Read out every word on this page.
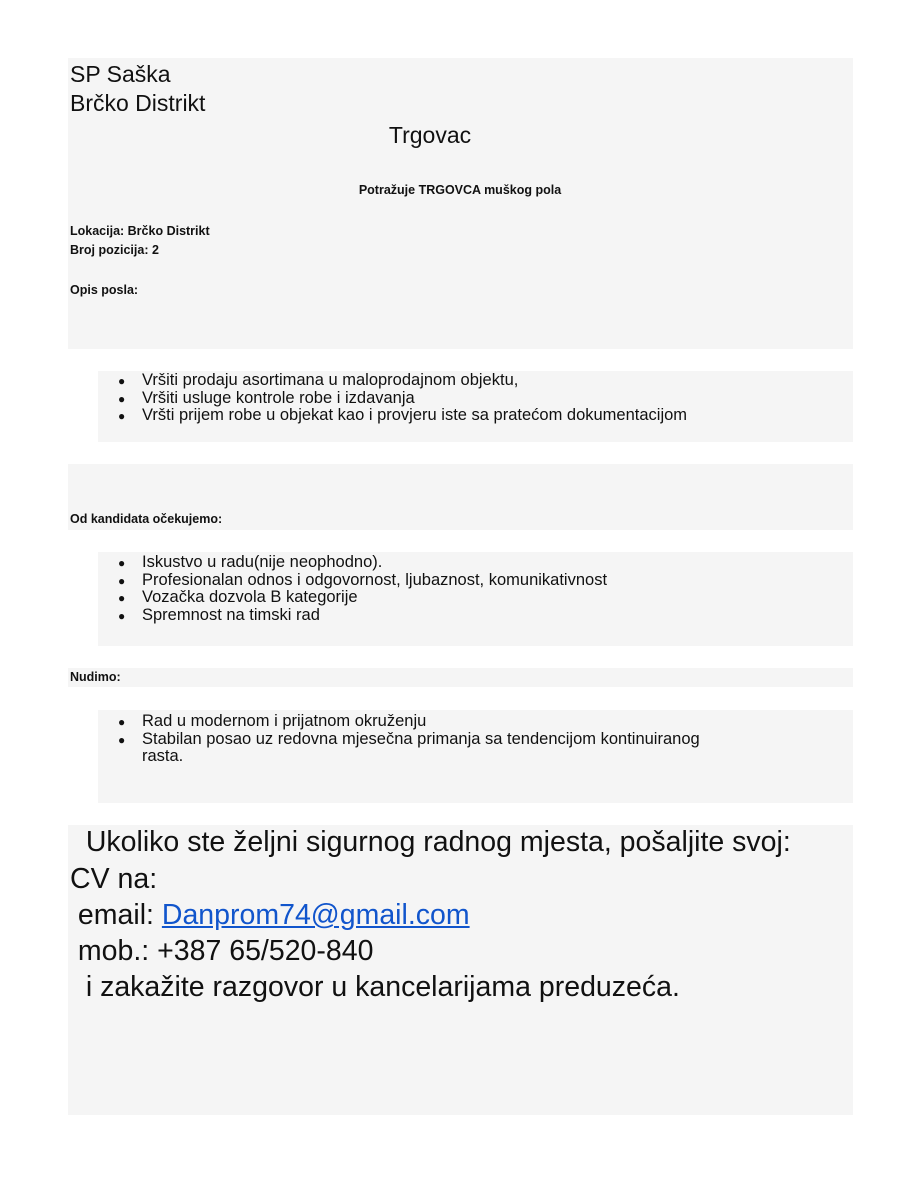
SP Saška
Brčko Distrikt
Trgovac
Potražuje TRGOVCA muškog pola
Lokacija: Brčko Distrikt
Broj pozicija: 2
Opis posla:
● Vršiti prodaju asortimana u maloprodajnom objektu,
● Vršiti usluge kontrole robe i izdavanja
● Vršti prijem robe u objekat kao i provjeru iste sa pratećom dokumentacijom
Od kandidata očekujemo:
● Iskustvo u radu(nije neophodno).
● Profesionalan odnos i odgovornost, ljubaznost, komunikativnost
● Vozačka dozvola B kategorije
● Spremnost na timski rad
Nudimo:
● Rad u modernom i prijatnom okruženju
● Stabilan posao uz redovna mjesečna primanja sa tendencijom kontinuiranog rasta.
Ukoliko ste željni sigurnog radnog mjesta, pošaljite svoj:
CV na:
email: Danprom74@gmail.com
mob.: +387 65/520-840
i zakažite razgovor u kancelarijama preduzeća.
